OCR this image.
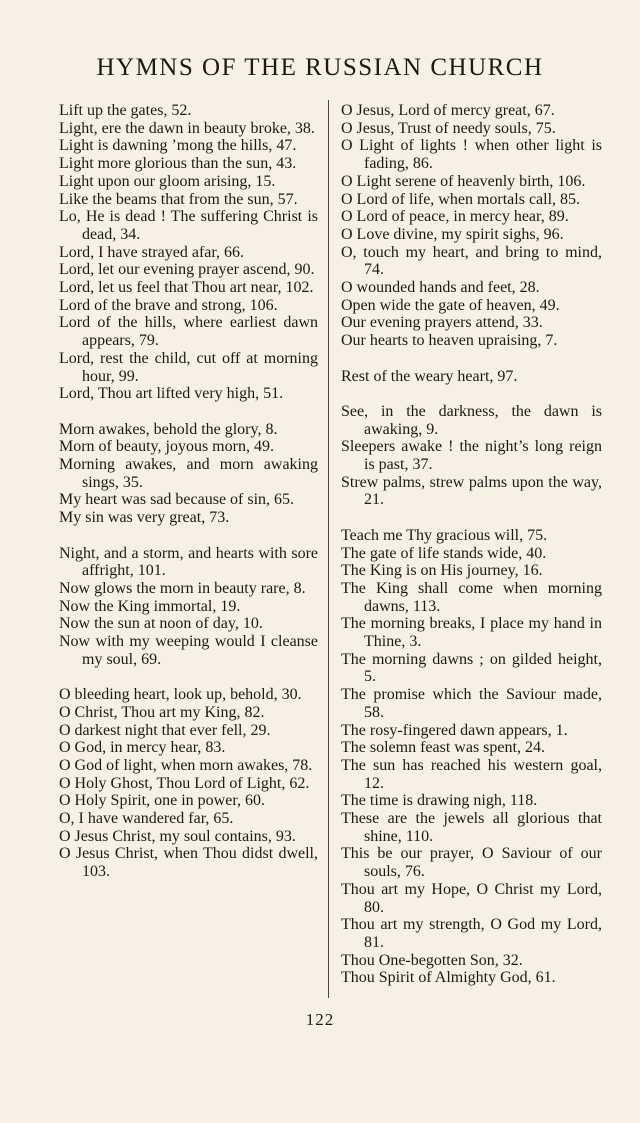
HYMNS OF THE RUSSIAN CHURCH
Lift up the gates, 52.
Light, ere the dawn in beauty broke, 38.
Light is dawning ’mong the hills, 47.
Light more glorious than the sun, 43.
Light upon our gloom arising, 15.
Like the beams that from the sun, 57.
Lo, He is dead ! The suffering Christ is dead, 34.
Lord, I have strayed afar, 66.
Lord, let our evening prayer ascend, 90.
Lord, let us feel that Thou art near, 102.
Lord of the brave and strong, 106.
Lord of the hills, where earliest dawn appears, 79.
Lord, rest the child, cut off at morning hour, 99.
Lord, Thou art lifted very high, 51.
Morn awakes, behold the glory, 8.
Morn of beauty, joyous morn, 49.
Morning awakes, and morn awaking sings, 35.
My heart was sad because of sin, 65.
My sin was very great, 73.
Night, and a storm, and hearts with sore affright, 101.
Now glows the morn in beauty rare, 8.
Now the King immortal, 19.
Now the sun at noon of day, 10.
Now with my weeping would I cleanse my soul, 69.
O bleeding heart, look up, behold, 30.
O Christ, Thou art my King, 82.
O darkest night that ever fell, 29.
O God, in mercy hear, 83.
O God of light, when morn awakes, 78.
O Holy Ghost, Thou Lord of Light, 62.
O Holy Spirit, one in power, 60.
O, I have wandered far, 65.
O Jesus Christ, my soul contains, 93.
O Jesus Christ, when Thou didst dwell, 103.
O Jesus, Lord of mercy great, 67.
O Jesus, Trust of needy souls, 75.
O Light of lights ! when other light is fading, 86.
O Light serene of heavenly birth, 106.
O Lord of life, when mortals call, 85.
O Lord of peace, in mercy hear, 89.
O Love divine, my spirit sighs, 96.
O, touch my heart, and bring to mind, 74.
O wounded hands and feet, 28.
Open wide the gate of heaven, 49.
Our evening prayers attend, 33.
Our hearts to heaven upraising, 7.
Rest of the weary heart, 97.
See, in the darkness, the dawn is awaking, 9.
Sleepers awake ! the night’s long reign is past, 37.
Strew palms, strew palms upon the way, 21.
Teach me Thy gracious will, 75.
The gate of life stands wide, 40.
The King is on His journey, 16.
The King shall come when morning dawns, 113.
The morning breaks, I place my hand in Thine, 3.
The morning dawns ; on gilded height, 5.
The promise which the Saviour made, 58.
The rosy-fingered dawn appears, 1.
The solemn feast was spent, 24.
The sun has reached his western goal, 12.
The time is drawing nigh, 118.
These are the jewels all glorious that shine, 110.
This be our prayer, O Saviour of our souls, 76.
Thou art my Hope, O Christ my Lord, 80.
Thou art my strength, O God my Lord, 81.
Thou One-begotten Son, 32.
Thou Spirit of Almighty God, 61.

122
